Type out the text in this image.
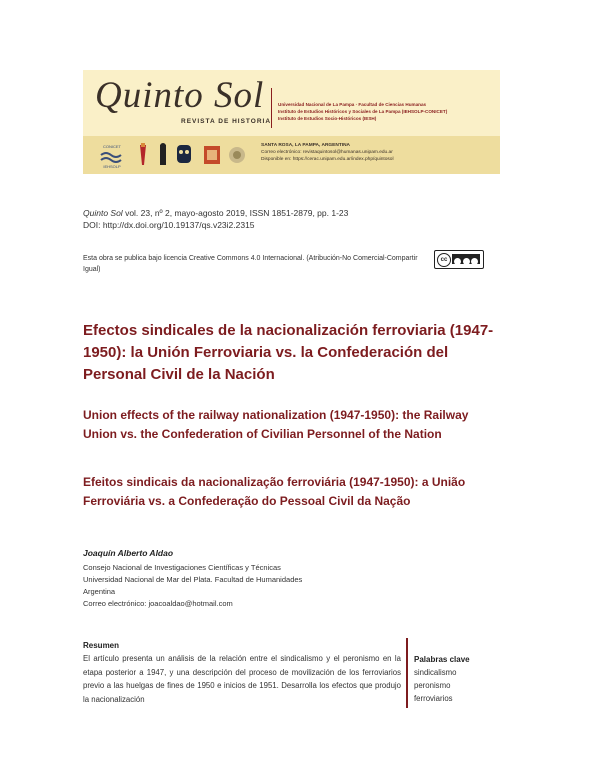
Quinto Sol
REVISTA DE HISTORIA
Universidad Nacional de La Pampa · Facultad de Ciencias Humanas
Instituto de Estudios Históricos y Sociales de La Pampa (IEHSOLP-CONICET)
Instituto de Estudios Socio-Históricos (IESH)
CONICET
IEHSOLP
SANTA ROSA, LA PAMPA, ARGENTINA
Correo electrónico: revistaquintosol@humanas.unipam.edu.ar
Disponible en: https://cerac.unipam.edu.ar/index.php/quintosol
Quinto Sol vol. 23, nº 2, mayo-agosto 2019, ISSN 1851-2879, pp. 1-23
DOI: http://dx.doi.org/10.19137/qs.v23i2.2315
Esta obra se publica bajo licencia Creative Commons 4.0 Internacional. (Atribución-No Comercial-Compartir Igual)
cc
Efectos sindicales de la nacionalización ferroviaria (1947-1950): la Unión Ferroviaria vs. la Confederación del Personal Civil de la Nación
Union effects of the railway nationalization (1947-1950): the Railway Union vs. the Confederation of Civilian Personnel of the Nation
Efeitos sindicais da nacionalização ferroviária (1947-1950): a União Ferroviária vs. a Confederação do Pessoal Civil da Nação
Joaquín Alberto Aldao
Consejo Nacional de Investigaciones Científicas y Técnicas
Universidad Nacional de Mar del Plata. Facultad de Humanidades
Argentina
Correo electrónico: joacoaldao@hotmail.com
Resumen
El artículo presenta un análisis de la relación entre el sindicalismo y el peronismo en la etapa posterior a 1947, y una descripción del proceso de movilización de los ferroviarios previo a las huelgas de fines de 1950 e inicios de 1951. Desarrolla los efectos que produjo la nacionalización
Palabras clave
sindicalismo
peronismo
ferroviarios
